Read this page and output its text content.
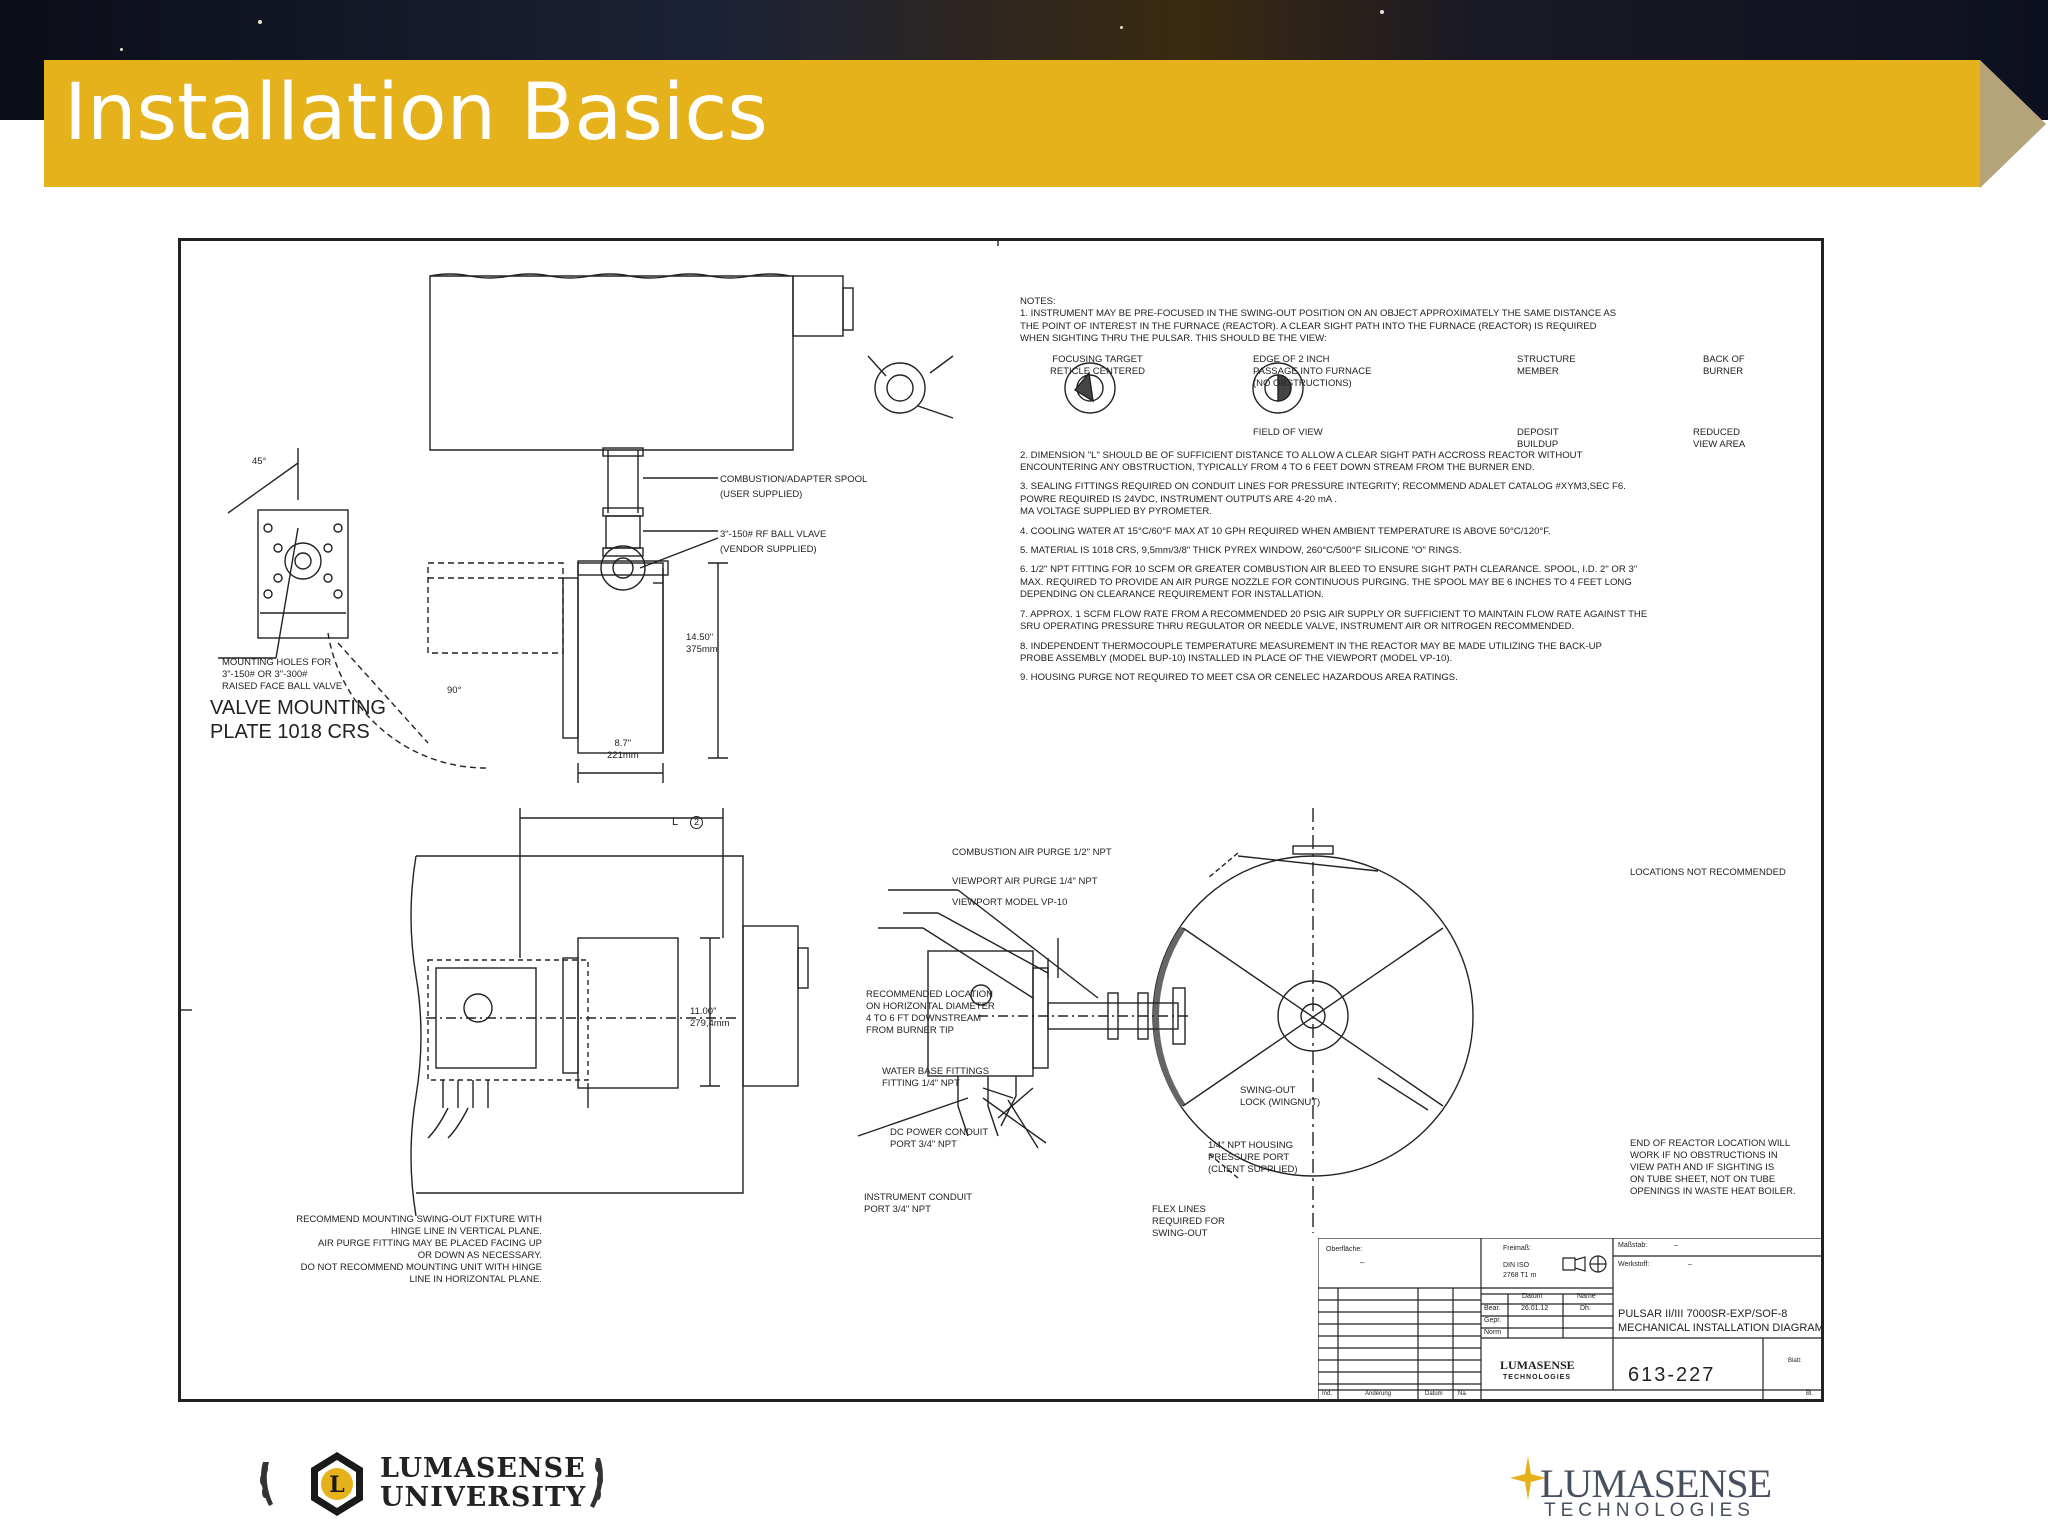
Installation Basics

NOTES:

1. INSTRUMENT MAY BE PRE-FOCUSED IN THE SWING-OUT POSITION ON AN OBJECT APPROXIMATELY THE SAME DISTANCE AS
THE POINT OF INTEREST IN THE FURNACE (REACTOR). A CLEAR SIGHT PATH INTO THE FURNACE (REACTOR) IS REQUIRED
WHEN SIGHTING THRU THE PULSAR. THIS SHOULD BE THE VIEW:

2. DIMENSION "L" SHOULD BE OF SUFFICIENT DISTANCE TO ALLOW A CLEAR SIGHT PATH ACCROSS REACTOR WITHOUT
ENCOUNTERING ANY OBSTRUCTION, TYPICALLY FROM 4 TO 6 FEET DOWN STREAM FROM THE BURNER END.

3. SEALING FITTINGS REQUIRED ON CONDUIT LINES FOR PRESSURE INTEGRITY; RECOMMEND ADALET CATALOG #XYM3,SEC F6.
POWRE REQUIRED IS 24VDC, INSTRUMENT OUTPUTS ARE 4-20 mA .
MA VOLTAGE SUPPLIED BY PYROMETER.

4. COOLING WATER AT 15°C/60°F MAX AT 10 GPH REQUIRED WHEN AMBIENT TEMPERATURE IS ABOVE 50°C/120°F.

5. MATERIAL IS 1018 CRS, 9,5mm/3/8" THICK PYREX WINDOW, 260°C/500°F SILICONE "O" RINGS.

6. 1/2" NPT FITTING FOR 10 SCFM OR GREATER COMBUSTION AIR BLEED TO ENSURE SIGHT PATH CLEARANCE. SPOOL, I.D. 2" OR 3"
MAX. REQUIRED TO PROVIDE AN AIR PURGE NOZZLE FOR CONTINUOUS PURGING. THE SPOOL MAY BE 6 INCHES TO 4 FEET LONG
DEPENDING ON CLEARANCE REQUIREMENT FOR INSTALLATION.

7. APPROX. 1 SCFM FLOW RATE FROM A RECOMMENDED 20 PSIG AIR SUPPLY OR SUFFICIENT TO MAINTAIN FLOW RATE AGAINST THE
SRU OPERATING PRESSURE THRU REGULATOR OR NEEDLE VALVE, INSTRUMENT AIR OR NITROGEN RECOMMENDED.

8. INDEPENDENT THERMOCOUPLE TEMPERATURE MEASUREMENT IN THE REACTOR MAY BE MADE UTILIZING THE BACK-UP
PROBE ASSEMBLY (MODEL BUP-10) INSTALLED IN PLACE OF THE VIEWPORT (MODEL VP-10).

9. HOUSING PURGE NOT REQUIRED TO MEET CSA OR CENELEC HAZARDOUS AREA RATINGS.

FOCUSING TARGET
RETICLE CENTERED
EDGE OF 2 INCH
PASSAGE INTO FURNACE
(NO OBSTRUCTIONS)
FIELD OF VIEW
STRUCTURE
MEMBER
DEPOSIT
BUILDUP
BACK OF
BURNER
REDUCED
VIEW AREA
45°
COMBUSTION/ADAPTER SPOOL
(USER SUPPLIED)
3"-150# RF BALL VLAVE
(VENDOR SUPPLIED)
MOUNTING HOLES FOR
3"-150# OR 3"-300#
RAISED FACE BALL VALVE
VALVE MOUNTING
PLATE 1018 CRS
90°
14.50"
375mm
8.7"
221mm
L	2
11.00"
279,4mm
RECOMMEND MOUNTING SWING-OUT FIXTURE WITH
HINGE LINE IN VERTICAL PLANE.
AIR PURGE FITTING MAY BE PLACED FACING UP
OR DOWN AS NECESSARY.
DO NOT RECOMMEND MOUNTING UNIT WITH HINGE
LINE IN HORIZONTAL PLANE.
COMBUSTION AIR PURGE 1/2" NPT
VIEWPORT AIR PURGE 1/4" NPT
VIEWPORT MODEL VP-10
RECOMMENDED LOCATION
ON HORIZONTAL DIAMETER
4 TO 6 FT DOWNSTREAM
FROM BURNER TIP
WATER BASE FITTINGS
FITTING 1/4" NPT
DC POWER CONDUIT
PORT 3/4" NPT
INSTRUMENT CONDUIT
PORT 3/4" NPT
1/4" NPT HOUSING
PRESSURE PORT
(CLIENT SUPPLIED)
SWING-OUT
LOCK (WINGNUT)
FLEX LINES
REQUIRED FOR
SWING-OUT
LOCATIONS NOT RECOMMENDED
END OF REACTOR LOCATION WILL
WORK IF NO OBSTRUCTIONS IN
VIEW PATH AND IF SIGHTING IS
ON TUBE SHEET, NOT ON TUBE
OPENINGS IN WASTE HEAT BOILER.
Oberfläche:
–
Freimaß:
DIN ISO
2768 T1 m
Maßstab:	–
Werkstoff:	–
Datum	Name
Bear.	26.01.12	Dh.
Gepr.
Norm
PULSAR II/III 7000SR-EXP/SOF-8
MECHANICAL INSTALLATION DIAGRAM
LUMASENSE
TECHNOLOGIES	613-227
Blatt:
Bl.
Ind.	Änderung	Datum	Na.
L
LUMASENSE
UNIVERSITY	LUMASENSE
TECHNOLOGIES
